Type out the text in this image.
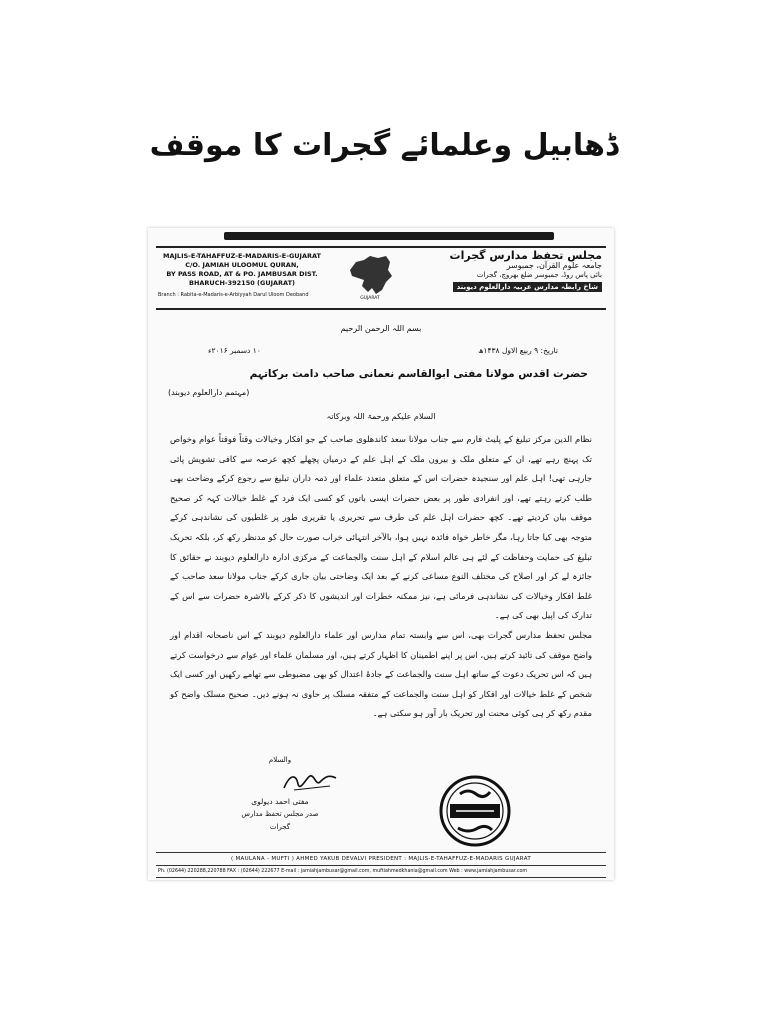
ڈھابیل وعلمائے گجرات کا موقف
MAJLIS-E-TAHAFFUZ-E-MADARIS-E-GUJARAT
C/O. JAMIAH ULOOMUL QURAN,
BY PASS ROAD, AT & PO. JAMBUSAR DIST.
BHARUCH-392150 (GUJARAT)
Branch : Rabita-e-Madaris-e-Arbiyyah Darul Uloom Deoband
GUJARAT
مجلس تحفظ مدارس گجرات
جامعہ علوم القرآن، جمبوسر
بائی پاس روڈ، جمبوسر ضلع بھروچ، گجرات
شاخ رابطہ مدارس عربیہ دارالعلوم دیوبند
بسم اللہ الرحمن الرحیم
تاریخ: ۹ ربیع الاول ۱۴۳۸ھ
۱۰ دسمبر ۲۰۱۶ء
حضرت اقدس مولانا مفتی ابوالقاسم نعمانی صاحب دامت برکاتہم
(مہتمم دارالعلوم دیوبند)
السلام علیکم ورحمۃ اللہ وبرکاتہ

نظام الدین مرکز تبلیغ کے پلیٹ فارم سے جناب مولانا سعد کاندھلوی صاحب کے جو افکار وخیالات وقتاً فوقتاً عوام وخواص تک پہنچ رہے تھے، ان کے متعلق ملک و بیرون ملک کے اہل علم کے درمیان پچھلے کچھ عرصہ سے کافی تشویش پائی جارہی تھی! اہل علم اور سنجیدہ حضرات اس کے متعلق متعدد علماء اور ذمہ داران تبلیغ سے رجوع کرکے وضاحت بھی طلب کرتے رہتے تھے، اور انفرادی طور پر بعض حضرات ایسی باتوں کو کسی ایک فرد کے غلط خیالات کہہ کر صحیح موقف بیان کردیتے تھے۔ کچھ حضرات اہل علم کی طرف سے تحریری یا تقریری طور پر غلطیوں کی نشاندہی کرکے متوجہ بھی کیا جاتا رہا، مگر خاطر خواہ فائدہ نہیں ہوا، بالآخر انتہائی خراب صورت حال کو مدنظر رکھ کر، بلکہ تحریک تبلیغ کی حمایت وحفاظت کے لئے ہی عالم اسلام کے اہل سنت والجماعت کے مرکزی ادارہ دارالعلوم دیوبند نے حقائق کا جائزہ لے کر اور اصلاح کی مختلف النوع مساعی کرنے کے بعد ایک وضاحتی بیان جاری کرکے جناب مولانا سعد صاحب کے غلط افکار وخیالات کی نشاندہی فرمائی ہے، نیز ممکنہ خطرات اور اندیشوں کا ذکر کرکے بالاشرہ حضرات سے اس کے تدارک کی اپیل بھی کی ہے۔

مجلس تحفظ مدارس گجرات بھی، اس سے وابستہ تمام مدارس اور علماء دارالعلوم دیوبند کے اس ناصحانہ اقدام اور واضح موقف کی تائید کرتے ہیں، اس پر اپنے اطمینان کا اظہار کرتے ہیں، اور مسلمان علماء اور عوام سے درخواست کرتے ہیں کہ اس تحریک دعوت کے ساتھ اہل سنت والجماعت کے جادۂ اعتدال کو بھی مضبوطی سے تھامے رکھیں اور کسی ایک شخص کے غلط خیالات اور افکار کو اہل سنت والجماعت کے متفقہ مسلک پر حاوی نہ ہونے دیں۔ صحیح مسلک واضح کو مقدم رکھ کر ہی کوئی محنت اور تحریک بار آور ہو سکتی ہے۔

والسلام
مفتی احمد دیولوی
صدر مجلس تحفظ مدارس گجرات
( MAULANA - MUFTI ) AHMED YAKUB DEVALVI PRESIDENT : MAJLIS-E-TAHAFFUZ-E-MADARIS GUJARAT
Ph. (02644) 220288,220788 FAX : (02644) 222677 E-mail : jamiahjambusar@gmail.com, muftiahmedkhania@gmail.com Web : www.jamiahjambusar.com
